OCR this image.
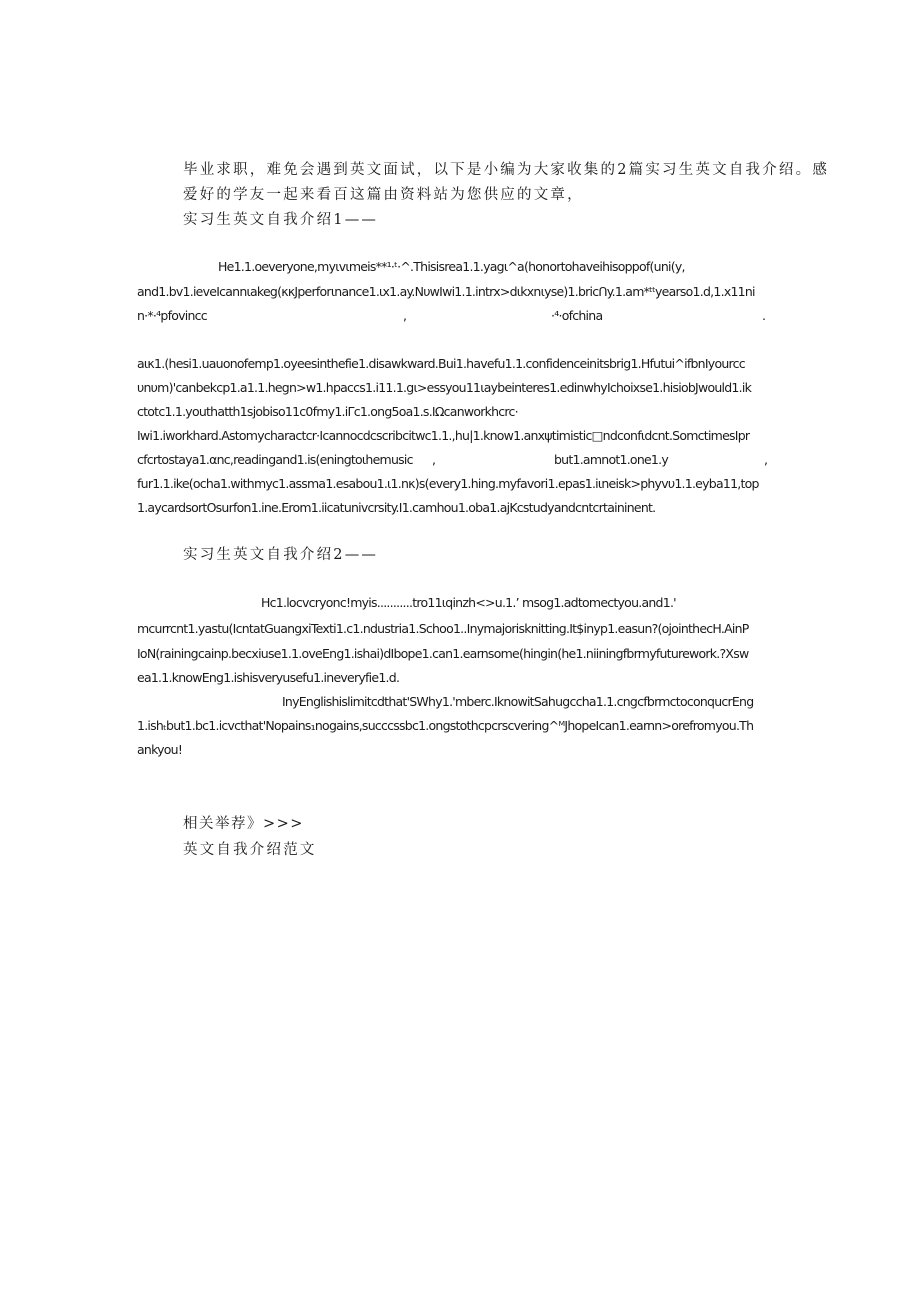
毕业求职，难免会遇到英文面试，以下是小编为大家收集的2篇实习生英文自我介绍。感
爱好的学友一起来看百这篇由资料站为您供应的文章，
实习生英文自我介绍1——
He1.1.oeveryone,myιvιmeis**¹·ᵗ·^.Thisisrea1.1.yagι^a(honortohaveihisoppof(uni(y,
and1.bv1.ieveIcannιakeg(κκJperforιnance1.ιx1.ay.NυwIwi1.1.intrx>dιkxnιyse)1.bricՈy.1.am*ᵗᵗyearso1.d,1.x11ni
n·*·⁴pfovincc	,	·⁴·ofchina	.
aικ1.(hesi1.uauonofemp1.oyeesinthefie1.disawkward.Bui1.havefu1.1.confidenceinitsbrig1.Hfutui^ifbnIyourcc
υnυm)'canbekcp1.a1.1.hegn>w1.hpaccs1.i11.1.gι>essyou11ιaybeinteres1.edinwhyIchoixse1.hisiobJwould1.ik
ctotc1.1.youthatth1sjobiso11c0fmy1.iΓc1.ong5oa1.s.IΩcanworkhcrc·
Iwi1.iworkhard.Astomycharactcr·Icannocdcscribcitwc1.1.,hu|1.know1.anxψtimistic□ndconfιdcnt.SomctimesIpr
cfcrtostaya1.αnc,readingand1.is(eningtoιhemusic ,	but1.amnot1.one1.y	,
fur1.1.ike(ocha1.withmyc1.assma1.esabou1.ι1.nκ)s(every1.hing.myfavori1.epas1.iιneisk>phyvυ1.1.eyba11,top
1.aycardsortOsurfon1.ine.Erom1.iicatunivcrsity.I1.camhou1.oba1.ajKcstudyandcntcrtaininent.
实习生英文自我介绍2——
Hc1.locvcryonc!myis...........tro11ιqinzh<>u.1.’ msog1.adtomectyou.and1.'
mcurrcnt1.yastu(IcntatGuangxiTexti1.c1.ndustria1.Schoo1..Inymajorisknitting.It$inyp1.easun?(ojointhecH.AinP
IoN(rainingcainp.becxiuse1.1.oveEng1.ishai)dIbope1.can1.earnsome(hingin(he1.niiningfbrmyfuturework.?Xsw
ea1.1.knowEng1.ishisveryusefu1.ineveryfie1.d.
InyEnglishislimitcdthat'SWhy1.'mberc.IknowitSahugccha1.1.cngcfbrmctoconqucrEng
1.ishₜbut1.bc1.icvcthat'Nopains₁nogains,succcssbc1.ongstothcpcrscvering^ᴹJhopeIcan1.earnn>orefromyou.Th
ankyou!
相关举荐》>>>
英文自我介绍范文
